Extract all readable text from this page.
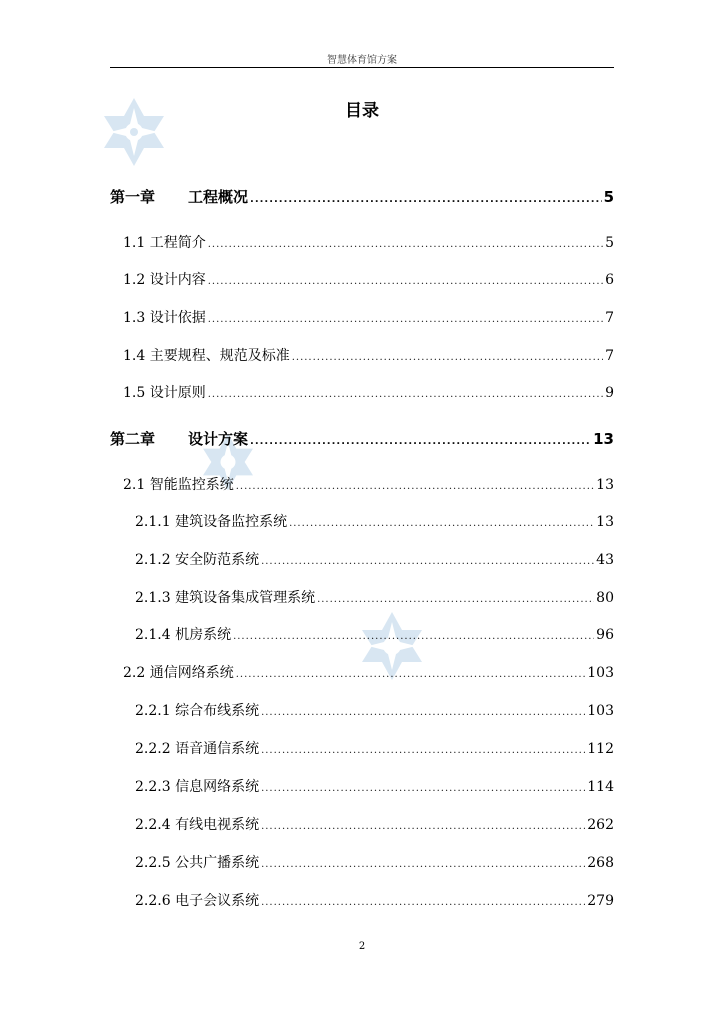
智慧体育馆方案
目录
第一章	工程概况 .....	5
1.1 工程简介 .....	5
1.2 设计内容 .....	6
1.3 设计依据 .....	7
1.4 主要规程、规范及标准 .....	7
1.5 设计原则 .....	9
第二章	设计方案 .....	13
2.1 智能监控系统 .....	13
2.1.1 建筑设备监控系统 .....	13
2.1.2 安全防范系统 .....	43
2.1.3 建筑设备集成管理系统 .....	80
2.1.4 机房系统 .....	96
2.2 通信网络系统 .....	103
2.2.1 综合布线系统 .....	103
2.2.2 语音通信系统 .....	112
2.2.3 信息网络系统 .....	114
2.2.4 有线电视系统 .....	262
2.2.5 公共广播系统 .....	268
2.2.6 电子会议系统 .....	279
2
